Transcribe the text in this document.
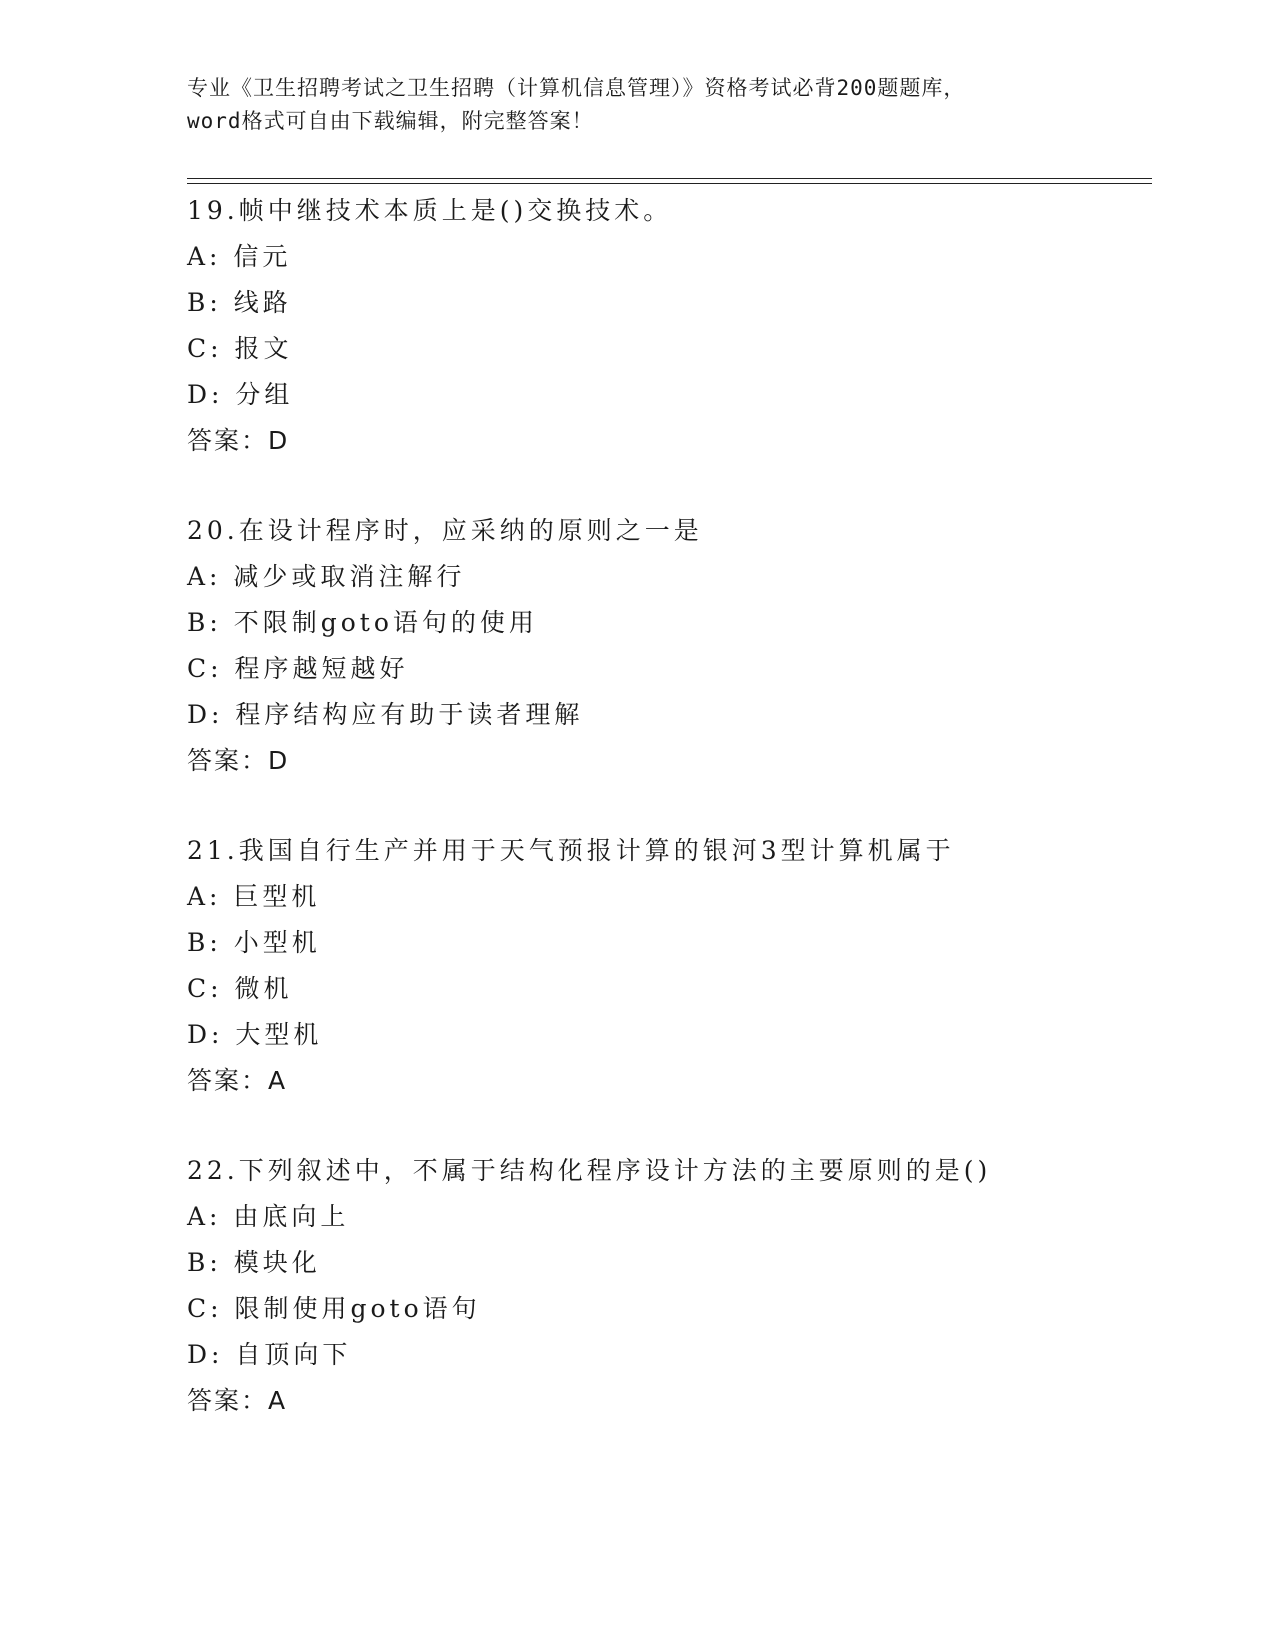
专业《卫生招聘考试之卫生招聘（计算机信息管理）》资格考试必背200题题库，
word格式可自由下载编辑，附完整答案！
19.帧中继技术本质上是()交换技术。
A: 信元
B: 线路
C: 报文
D: 分组
答案：D
20.在设计程序时，应采纳的原则之一是
A: 减少或取消注解行
B: 不限制goto语句的使用
C: 程序越短越好
D: 程序结构应有助于读者理解
答案：D
21.我国自行生产并用于天气预报计算的银河3型计算机属于
A: 巨型机
B: 小型机
C: 微机
D: 大型机
答案：A
22.下列叙述中，不属于结构化程序设计方法的主要原则的是()
A: 由底向上
B: 模块化
C: 限制使用goto语句
D: 自顶向下
答案：A
